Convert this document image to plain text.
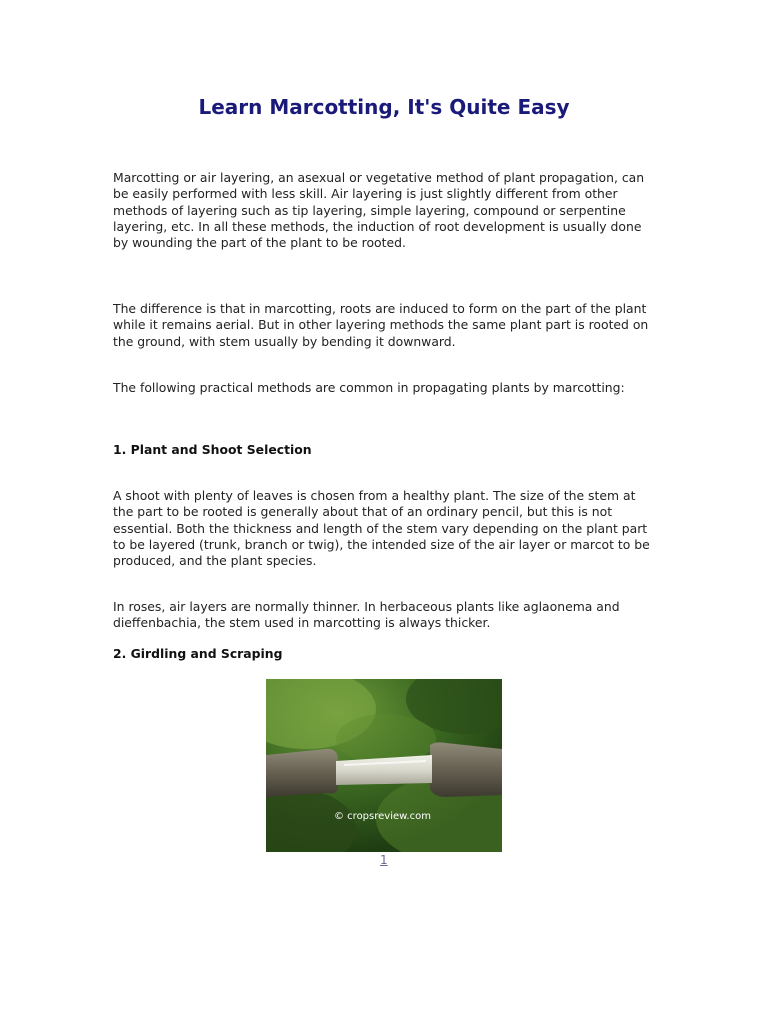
Learn Marcotting, It's Quite Easy

Marcotting or air layering, an asexual or vegetative method of plant propagation, can be easily performed with less skill. Air layering is just slightly different from other methods of layering such as tip layering, simple layering, compound or serpentine layering, etc. In all these methods, the induction of root development is usually done by wounding the part of the plant to be rooted.

The difference is that in marcotting, roots are induced to form on the part of the plant while it remains aerial. But in other layering methods the same plant part is rooted on the ground, with stem usually by bending it downward.

The following practical methods are common in propagating plants by marcotting:

1. Plant and Shoot Selection

A shoot with plenty of leaves is chosen from a healthy plant. The size of the stem at the part to be rooted is generally about that of an ordinary pencil, but this is not essential. Both the thickness and length of the stem vary depending on the plant part to be layered (trunk, branch or twig), the intended size of the air layer or marcot to be produced, and the plant species.

In roses, air layers are normally thinner. In herbaceous plants like aglaonema and dieffenbachia, the stem used in marcotting is always thicker.

2. Girdling and Scraping
© cropsreview.com
1
